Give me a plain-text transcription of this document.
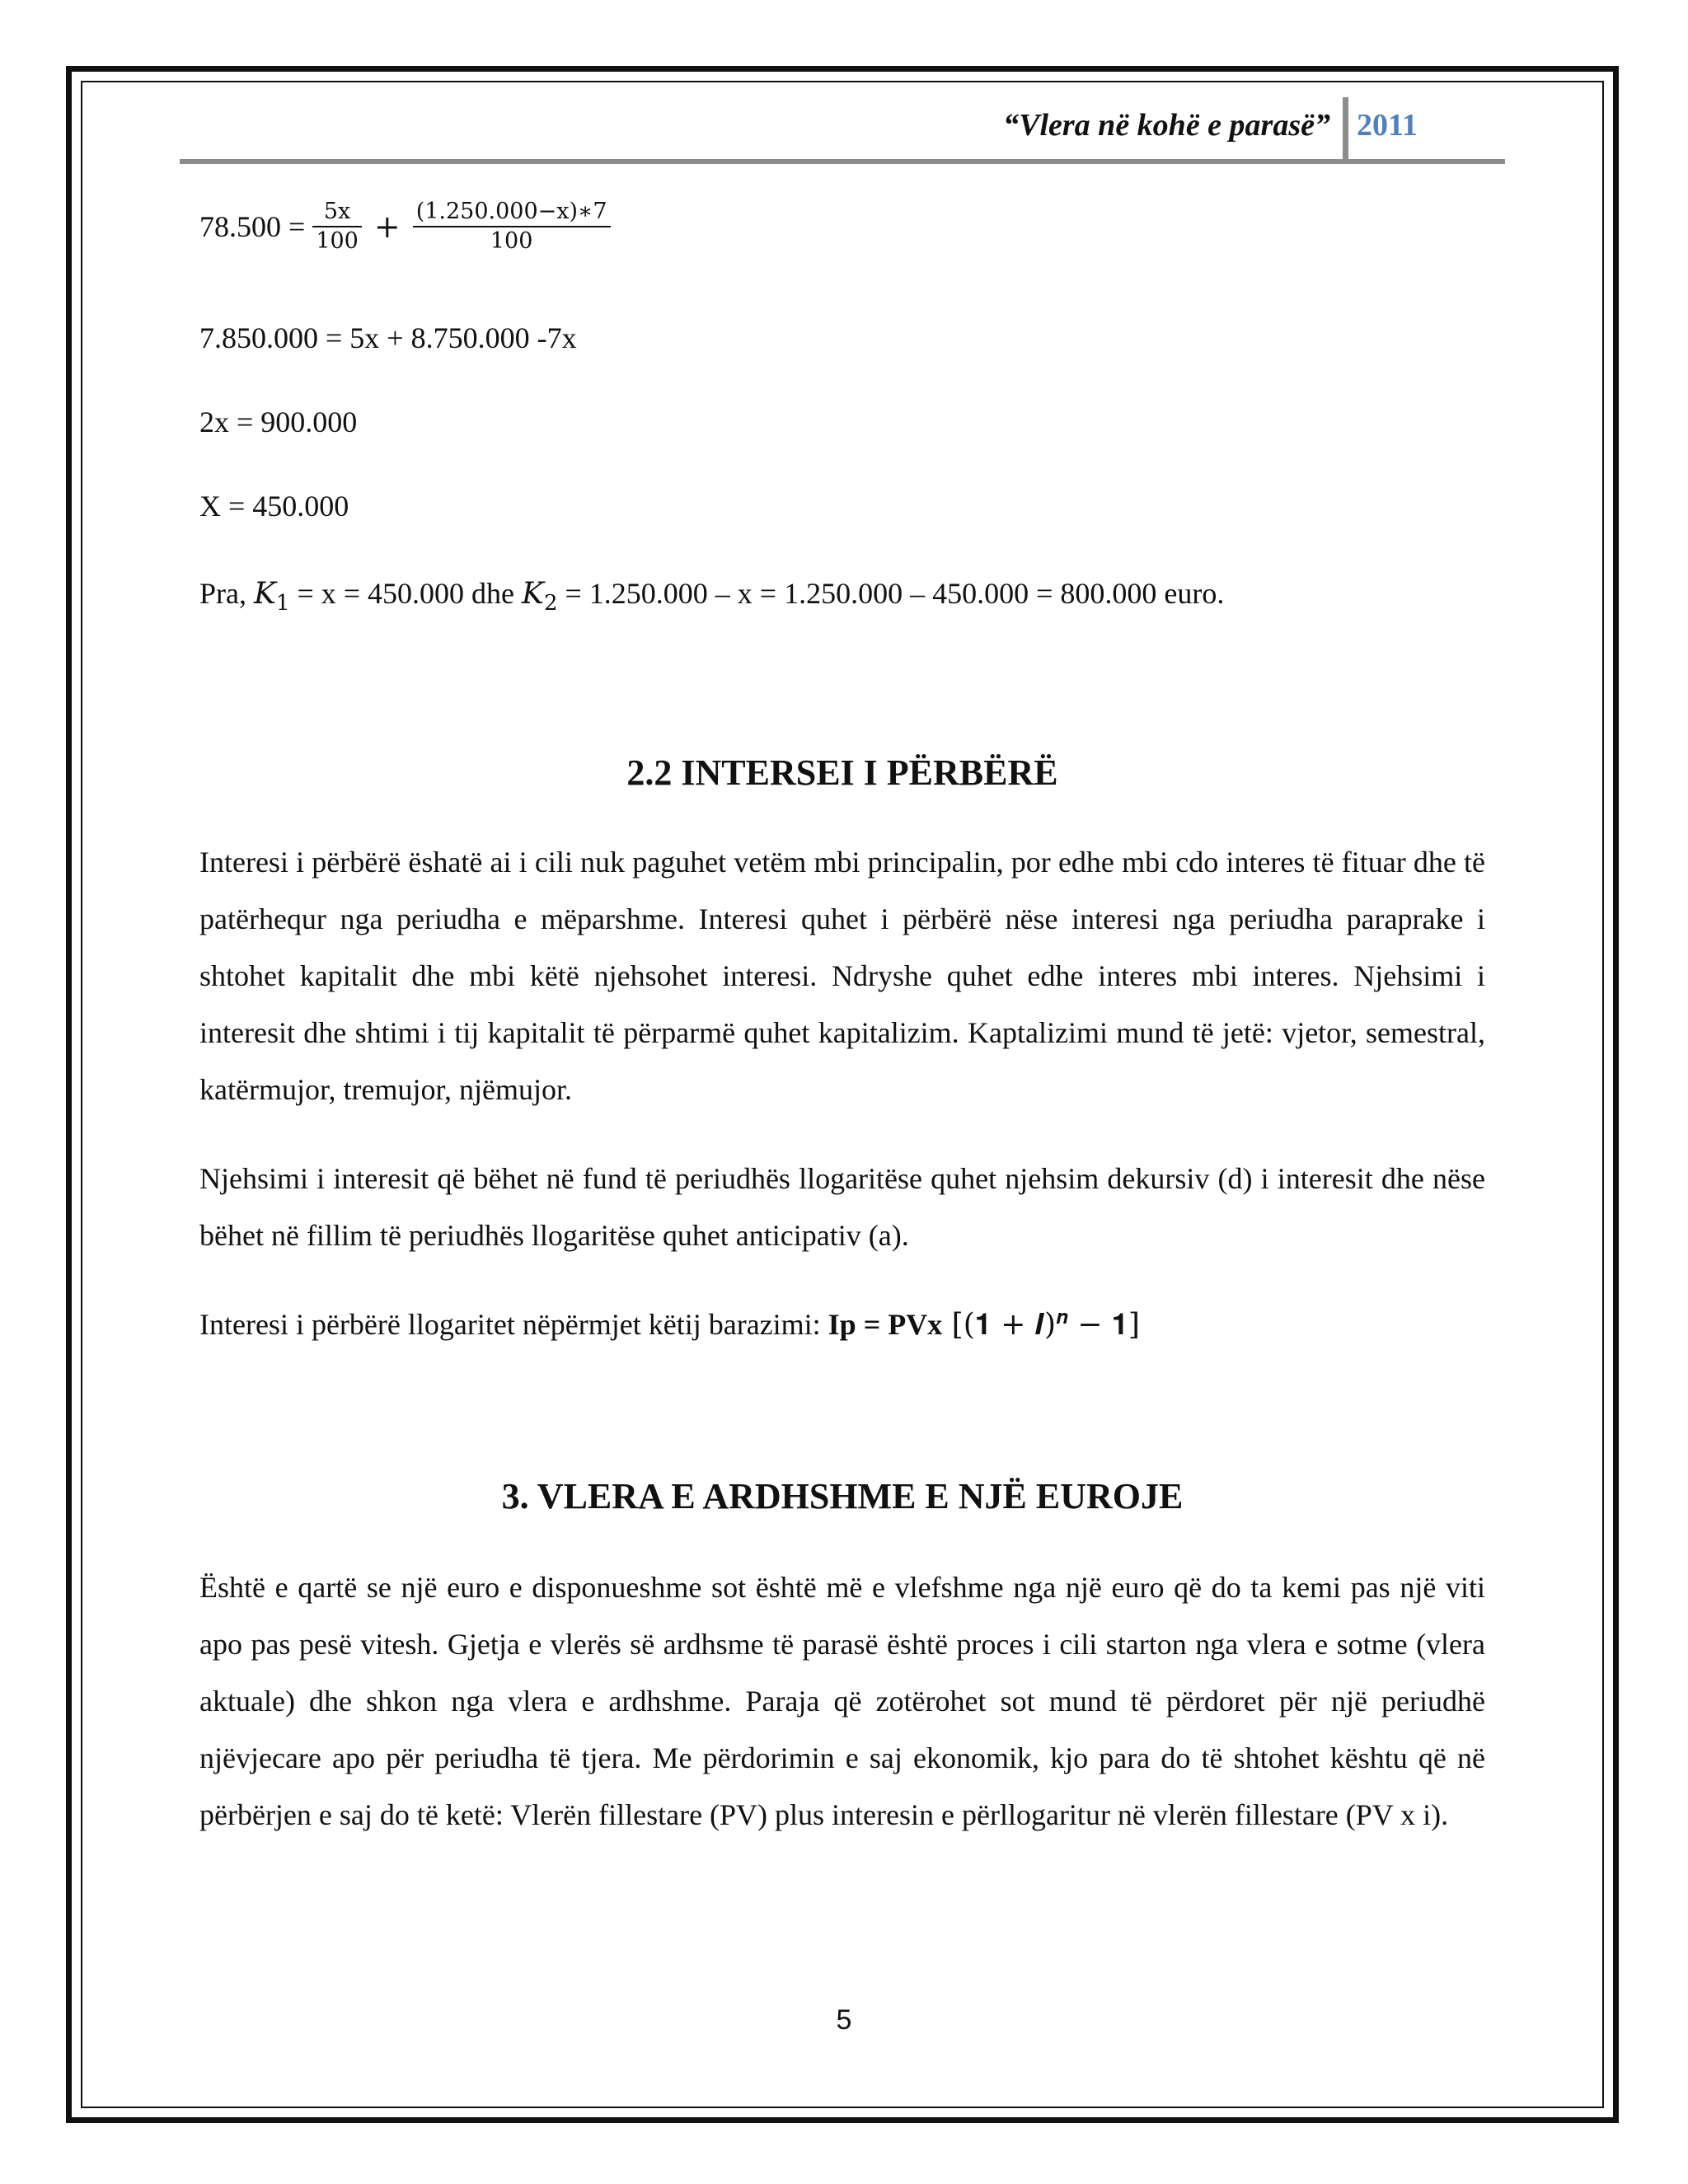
“Vlera në kohë e parasë” 2011
$78.500 = \frac{5x}{100} + \frac{(1.250.000-x)∗7}{100}$
7.850.000 = 5x + 8.750.000 -7x
2x = 900.000
X = 450.000
Pra, $K_1 = x = 450.000$ dhe $K_2 = 1.250.000 - x = 1.250.000 - 450.000 = 800.000$ euro.
2.2 INTERSEI I PËRBËRË
Interesi i përbërë ëshatë ai i cili nuk paguhet vetëm mbi principalin, por edhe mbi cdo interes të fituar dhe të patërhequr nga periudha e mëparshme. Interesi quhet i përbërë nëse interesi nga periudha paraprake i shtohet kapitalit dhe mbi këtë njehsohet interesi. Ndryshe quhet edhe interes mbi interes. Njehsimi i interesit dhe shtimi i tij kapitalit të përparmë quhet kapitalizim. Kaptalizimi mund të jetë: vjetor, semestral, katërmujor, tremujor, njëmujor.
Njehsimi i interesit që bëhet në fund të periudhës llogaritëse quhet njehsim dekursiv (d) i interesit dhe nëse bëhet në fillim të periudhës llogaritëse quhet anticipativ (a).
Interesi i përbërë llogaritet nëpërmjet këtij barazimi: Ip = PVx [(𝟏 + 𝑰)$^𝒏$ − 𝟏]
3. VLERA E ARDHSHME E NJË EUROJE
Është e qartë se një euro e disponueshme sot është më e vlefshme nga një euro që do ta kemi pas një viti apo pas pesë vitesh. Gjetja e vlerës së ardhsme të parasë është proces i cili starton nga vlera e sotme (vlera aktuale) dhe shkon nga vlera e ardhshme. Paraja që zotërohet sot mund të përdoret për një periudhë njëvjecare apo për periudha të tjera. Me përdorimin e saj ekonomik, kjo para do të shtohet kështu që në përbërjen e saj do të ketë: Vlerën fillestare (PV) plus interesin e përllogaritur në vlerën fillestare (PV x i).
5
